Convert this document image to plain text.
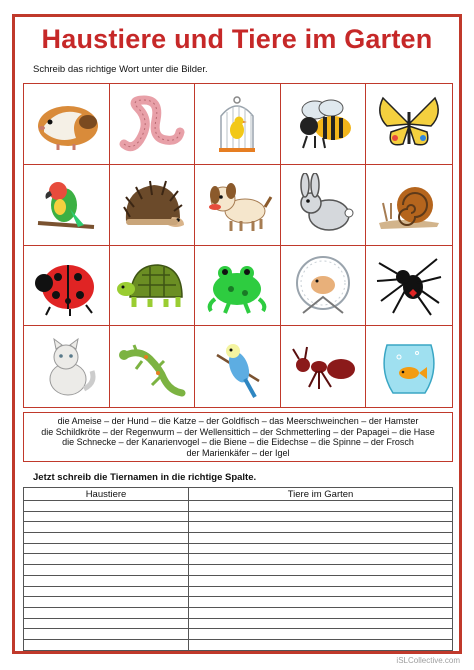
Haustiere und Tiere im Garten
Schreib das richtige Wort unter die Bilder.
die Ameise – der Hund – die Katze – der Goldfisch – das Meerschweinchen – der Hamster
die Schildkröte – der Regenwurm – der Wellensittich – der Schmetterling – der Papagei – die Hase
die Schnecke – der Kanarienvogel – die Biene – die Eidechse – die Spinne – der Frosch
der Marienkäfer – der Igel
Jetzt schreib die Tiernamen in die richtige Spalte.
Haustiere	Tiere im Garten

iSLCollective.com
